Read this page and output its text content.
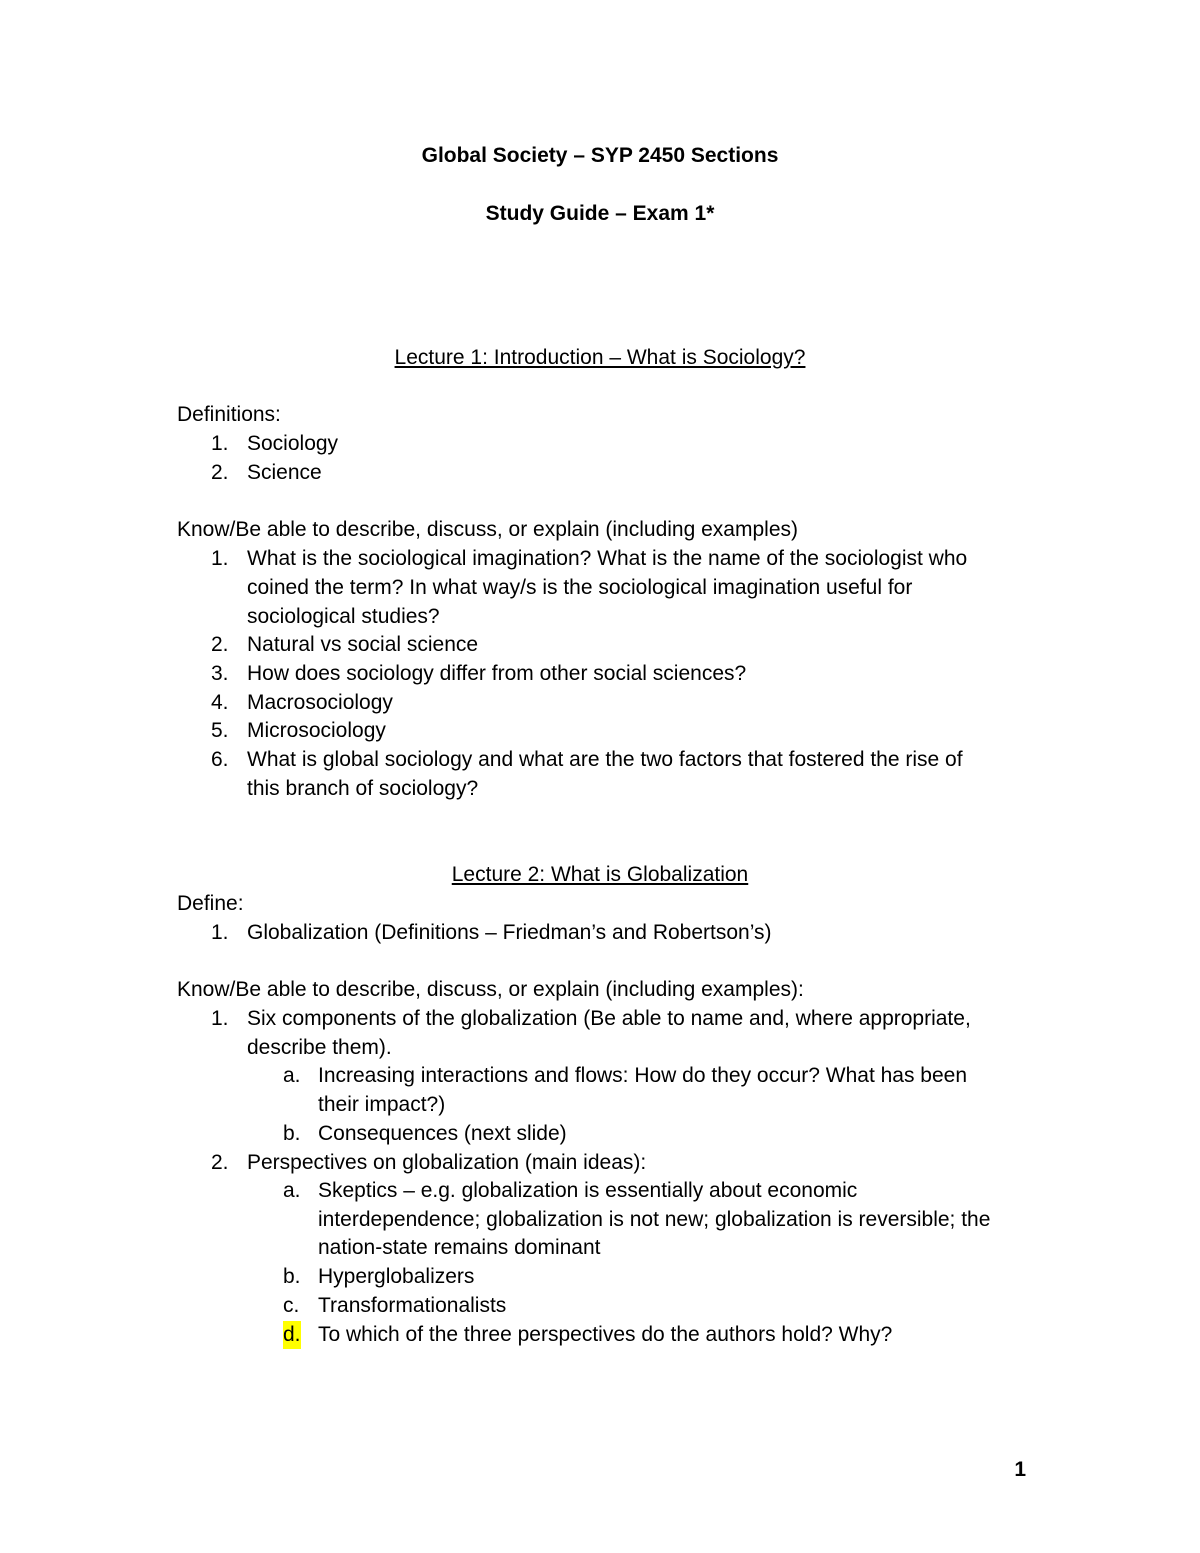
Global Society – SYP 2450 Sections
Study Guide – Exam 1*
Lecture 1: Introduction – What is Sociology?
Definitions:
1. Sociology
2. Science
Know/Be able to describe, discuss, or explain (including examples)
1. What is the sociological imagination? What is the name of the sociologist who
coined the term? In what way/s is the sociological imagination useful for
sociological studies?
2. Natural vs social science
3. How does sociology differ from other social sciences?
4. Macrosociology
5. Microsociology
6. What is global sociology and what are the two factors that fostered the rise of
this branch of sociology?
Lecture 2: What is Globalization
Define:
1. Globalization (Definitions – Friedman’s and Robertson’s)
Know/Be able to describe, discuss, or explain (including examples):
1. Six components of the globalization (Be able to name and, where appropriate,
describe them).
a. Increasing interactions and flows: How do they occur? What has been
their impact?)
b. Consequences (next slide)
2. Perspectives on globalization (main ideas):
a. Skeptics – e.g. globalization is essentially about economic
interdependence; globalization is not new; globalization is reversible; the
nation-state remains dominant
b. Hyperglobalizers
c. Transformationalists
d. To which of the three perspectives do the authors hold? Why?
1
